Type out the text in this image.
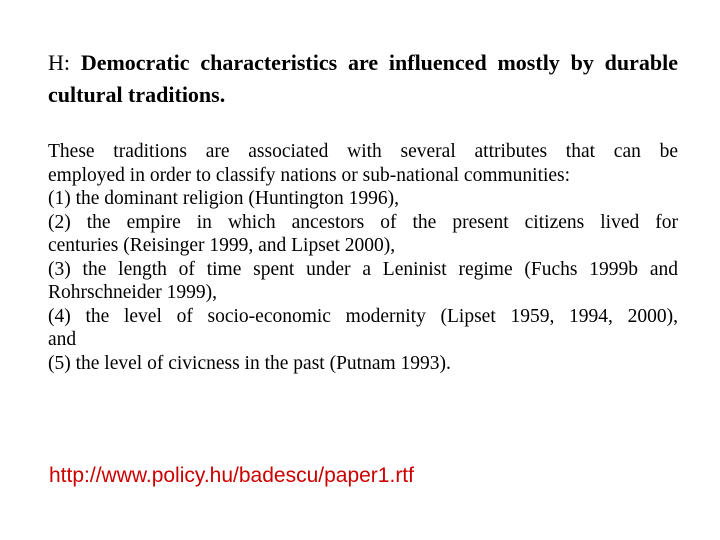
H: Democratic characteristics are influenced mostly by durable cultural traditions.
These traditions are associated with several attributes that can be
employed in order to classify nations or sub-national communities:
(1) the dominant religion (Huntington 1996),
(2) the empire in which ancestors of the present citizens lived for
centuries (Reisinger 1999, and Lipset 2000),
(3) the length of time spent under a Leninist regime (Fuchs 1999b and
Rohrschneider 1999),
(4) the level of socio-economic modernity (Lipset 1959, 1994, 2000),
and
(5) the level of civicness in the past (Putnam 1993).
http://www.policy.hu/badescu/paper1.rtf
